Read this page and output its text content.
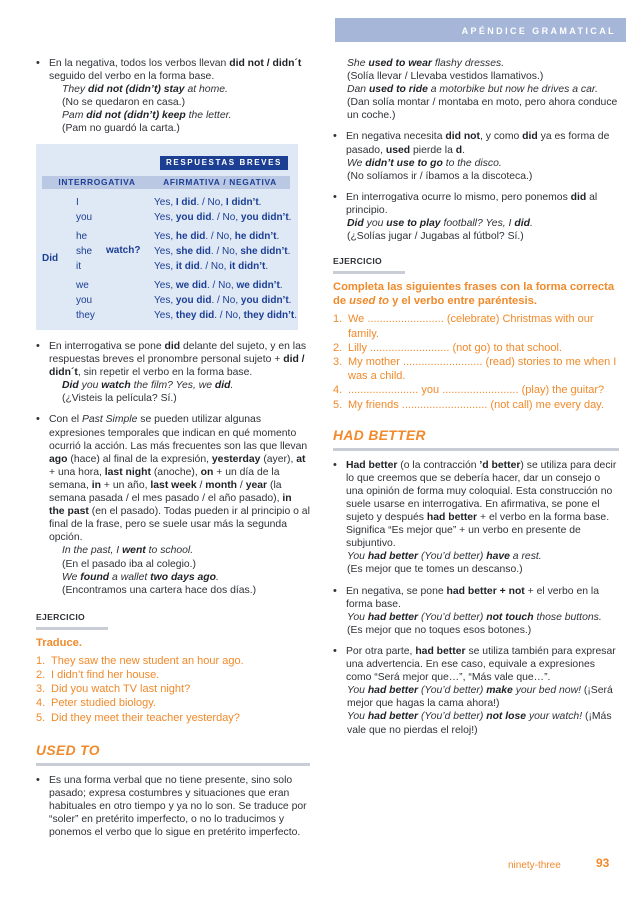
APÉNDICE GRAMATICAL
• En la negativa, todos los verbos llevan did not / didn´t seguido del verbo en la forma base.
They did not (didn’t) stay at home.
(No se quedaron en casa.)
Pam did not (didn’t) keep the letter.
(Pam no guardó la carta.)
RESPUESTAS BREVES
INTERROGATIVA	AFIRMATIVA / NEGATIVA
Did
watch?
I
you
he
she
it
we
you
they
Yes, I did. / No, I didn’t.
Yes, you did. / No, you didn’t.
Yes, he did. / No, he didn’t.
Yes, she did. / No, she didn’t.
Yes, it did. / No, it didn’t.
Yes, we did. / No, we didn’t.
Yes, you did. / No, you didn’t.
Yes, they did. / No, they didn’t.
• En interrogativa se pone did delante del sujeto, y en las respuestas breves el pronombre personal sujeto + did / didn´t, sin repetir el verbo en la forma base.
Did you watch the film? Yes, we did.
(¿Visteis la película? Sí.)
• Con el Past Simple se pueden utilizar algunas expresiones temporales que indican en qué momento ocurrió la acción. Las más frecuentes son las que llevan ago (hace) al final de la expresión, yesterday (ayer), at + una hora, last night (anoche), on + un día de la semana, in + un año, last week / month / year (la semana pasada / el mes pasado / el año pasado), in the past (en el pasado). Todas pueden ir al principio o al final de la frase, pero se suele usar más la segunda opción.
In the past, I went to school.
(En el pasado iba al colegio.)
We found a wallet two days ago.
(Encontramos una cartera hace dos días.)
EJERCICIO
Traduce.
1. They saw the new student an hour ago.
2. I didn’t find her house.
3. Did you watch TV last night?
4. Peter studied biology.
5. Did they meet their teacher yesterday?
USED TO
• Es una forma verbal que no tiene presente, sino solo pasado; expresa costumbres y situaciones que eran habituales en otro tiempo y ya no lo son. Se traduce por “soler” en pretérito imperfecto, o no lo traducimos y ponemos el verbo que lo sigue en pretérito imperfecto.
She used to wear flashy dresses.
(Solía llevar / Llevaba vestidos llamativos.)
Dan used to ride a motorbike but now he drives a car. (Dan solía montar / montaba en moto, pero ahora conduce un coche.)
• En negativa necesita did not, y como did ya es forma de pasado, used pierde la d.
We didn’t use to go to the disco.
(No solíamos ir / íbamos a la discoteca.)
• En interrogativa ocurre lo mismo, pero ponemos did al principio.
Did you use to play football? Yes, I did.
(¿Solías jugar / Jugabas al fútbol? Sí.)
EJERCICIO
Completa las siguientes frases con la forma correcta de used to y el verbo entre paréntesis.
1. We ......................... (celebrate) Christmas with our family.
2. Lilly .......................... (not go) to that school.
3. My mother .......................... (read) stories to me when I was a child.
4. ....................... you ......................... (play) the guitar?
5. My friends ............................ (not call) me every day.
HAD BETTER
• Had better (o la contracción ’d better) se utiliza para decir lo que creemos que se debería hacer, dar un consejo o una opinión de forma muy coloquial. Esta construcción no suele usarse en interrogativa. En afirmativa, se pone el sujeto y después had better + el verbo en la forma base. Significa “Es mejor que” + un verbo en presente de subjuntivo.
You had better (You’d better) have a rest.
(Es mejor que te tomes un descanso.)
• En negativa, se pone had better + not + el verbo en la forma base.
You had better (You’d better) not touch those buttons.
(Es mejor que no toques esos botones.)
• Por otra parte, had better se utiliza también para expresar una advertencia. En ese caso, equivale a expresiones como “Será mejor que…”, “Más vale que…”.
You had better (You’d better) make your bed now! (¡Será mejor que hagas la cama ahora!)
You had better (You’d better) not lose your watch! (¡Más vale que no pierdas el reloj!)
ninety-three	93
